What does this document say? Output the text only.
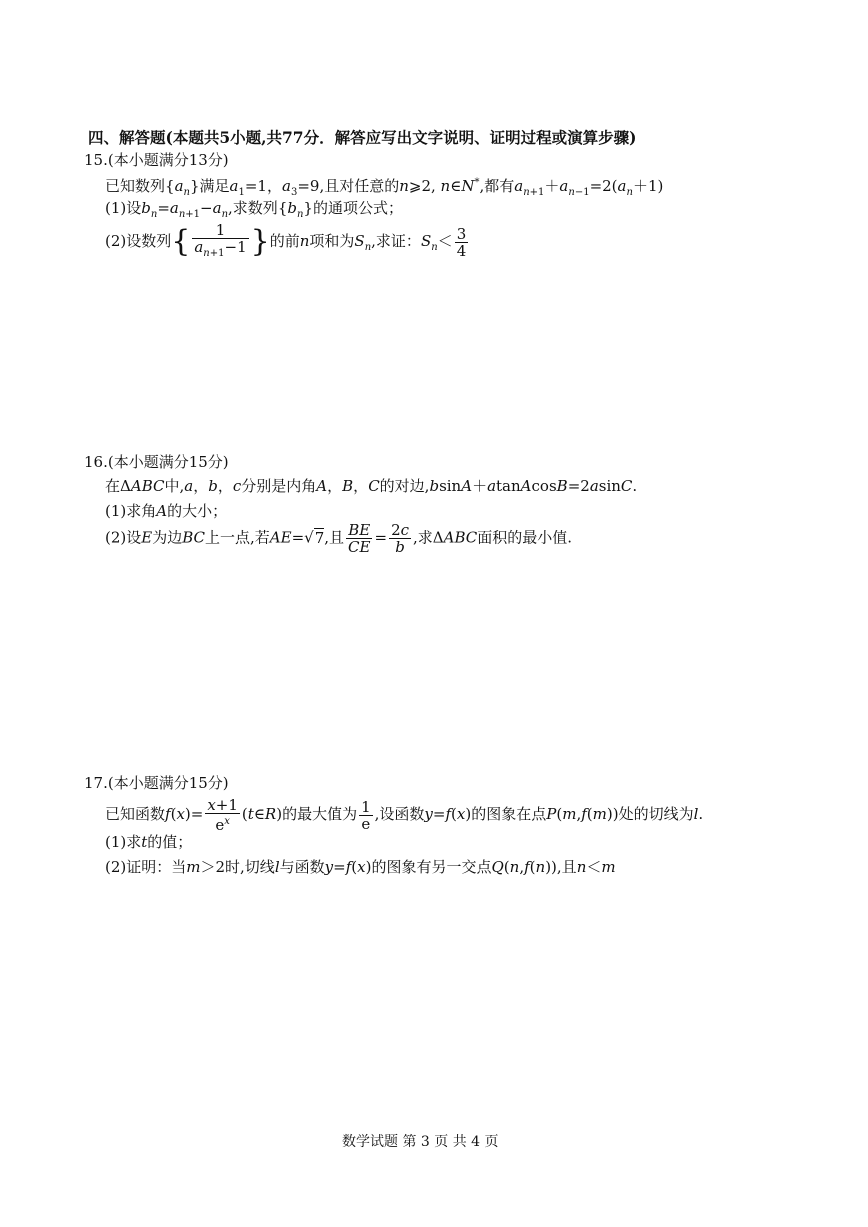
四、解答题(本题共5小题,共77分．解答应写出文字说明、证明过程或演算步骤)
15.(本小题满分13分)
已知数列$\{a_n\}$满足$a_1=1$，$a_3=9$,且对任意的n⩾2, n∈N*,都有$a_{n+1}+a_{n-1}=2(a_n+1)$
(1)设$b_n=a_{n+1}-a_n$,求数列$\{b_n\}$的通项公式；
(2)设数列{ $\frac{1}{a_{n+1}-1}$ }的前n项和为$S_n$,求证：$S_n< \frac{3}{4}$
16.(本小题满分15分)
在ΔABC中,a，b，c分别是内角A，B，C的对边,bsinA＋atanAcosB=2asinC.
(1)求角A的大小；
(2)设E为边BC上一点,若AE=√7,且 $\frac{BE}{CE} = \frac{2c}{b}$ ,求ΔABC面积的最小值.
17.(本小题满分15分)
已知函数$f(x)= \frac{x+1}{e^x}$ (t∈R)的最大值为 $\frac{1}{e}$ ,设函数y=f(x)的图象在点P(m,f(m))处的切线为l.
(1)求t的值；
(2)证明：当m＞2时,切线l与函数y=f(x)的图象有另一交点Q(n,f(n)),且n＜m
数学试题 第 3 页 共 4 页
